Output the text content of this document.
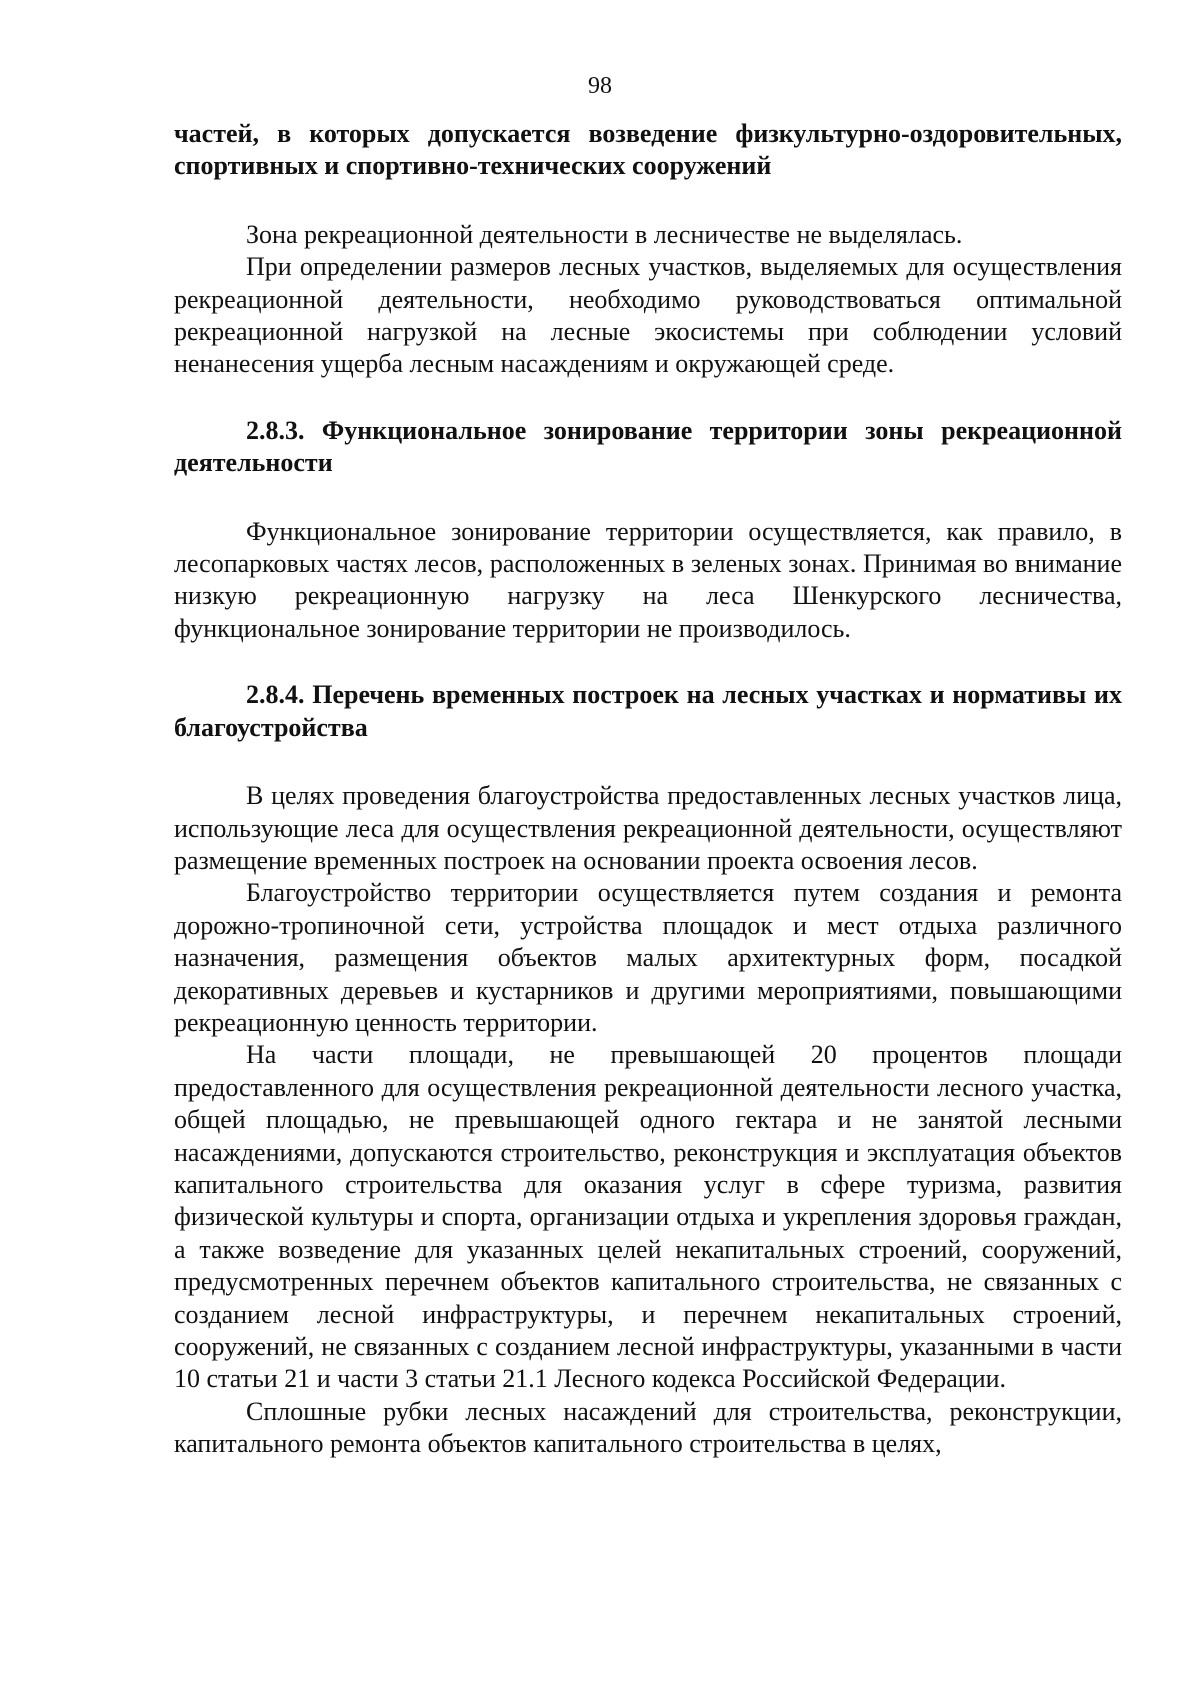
98

частей, в которых допускается возведение физкультурно-оздоровительных, спортивных и спортивно-технических сооружений

Зона рекреационной деятельности в лесничестве не выделялась.

При определении размеров лесных участков, выделяемых для осуществления рекреационной деятельности, необходимо руководствоваться оптимальной рекреационной нагрузкой на лесные экосистемы при соблюдении условий ненанесения ущерба лесным насаждениям и окружающей среде.

2.8.3. Функциональное зонирование территории зоны рекреационной деятельности

Функциональное зонирование территории осуществляется, как правило, в лесопарковых частях лесов, расположенных в зеленых зонах. Принимая во внимание низкую рекреационную нагрузку на леса Шенкурского лесничества, функциональное зонирование территории не производилось.

2.8.4. Перечень временных построек на лесных участках и нормативы их благоустройства

В целях проведения благоустройства предоставленных лесных участков лица, использующие леса для осуществления рекреационной деятельности, осуществляют размещение временных построек на основании проекта освоения лесов.

Благоустройство территории осуществляется путем создания и ремонта дорожно-тропиночной сети, устройства площадок и мест отдыха различного назначения, размещения объектов малых архитектурных форм, посадкой декоративных деревьев и кустарников и другими мероприятиями, повышающими рекреационную ценность территории.

На части площади, не превышающей 20 процентов площади предоставленного для осуществления рекреационной деятельности лесного участка, общей площадью, не превышающей одного гектара и не занятой лесными насаждениями, допускаются строительство, реконструкция и эксплуатация объектов капитального строительства для оказания услуг в сфере туризма, развития физической культуры и спорта, организации отдыха и укрепления здоровья граждан, а также возведение для указанных целей некапитальных строений, сооружений, предусмотренных перечнем объектов капитального строительства, не связанных с созданием лесной инфраструктуры, и перечнем некапитальных строений, сооружений, не связанных с созданием лесной инфраструктуры, указанными в части 10 статьи 21 и части 3 статьи 21.1 Лесного кодекса Российской Федерации.

Сплошные рубки лесных насаждений для строительства, реконструкции, капитального ремонта объектов капитального строительства в целях,
